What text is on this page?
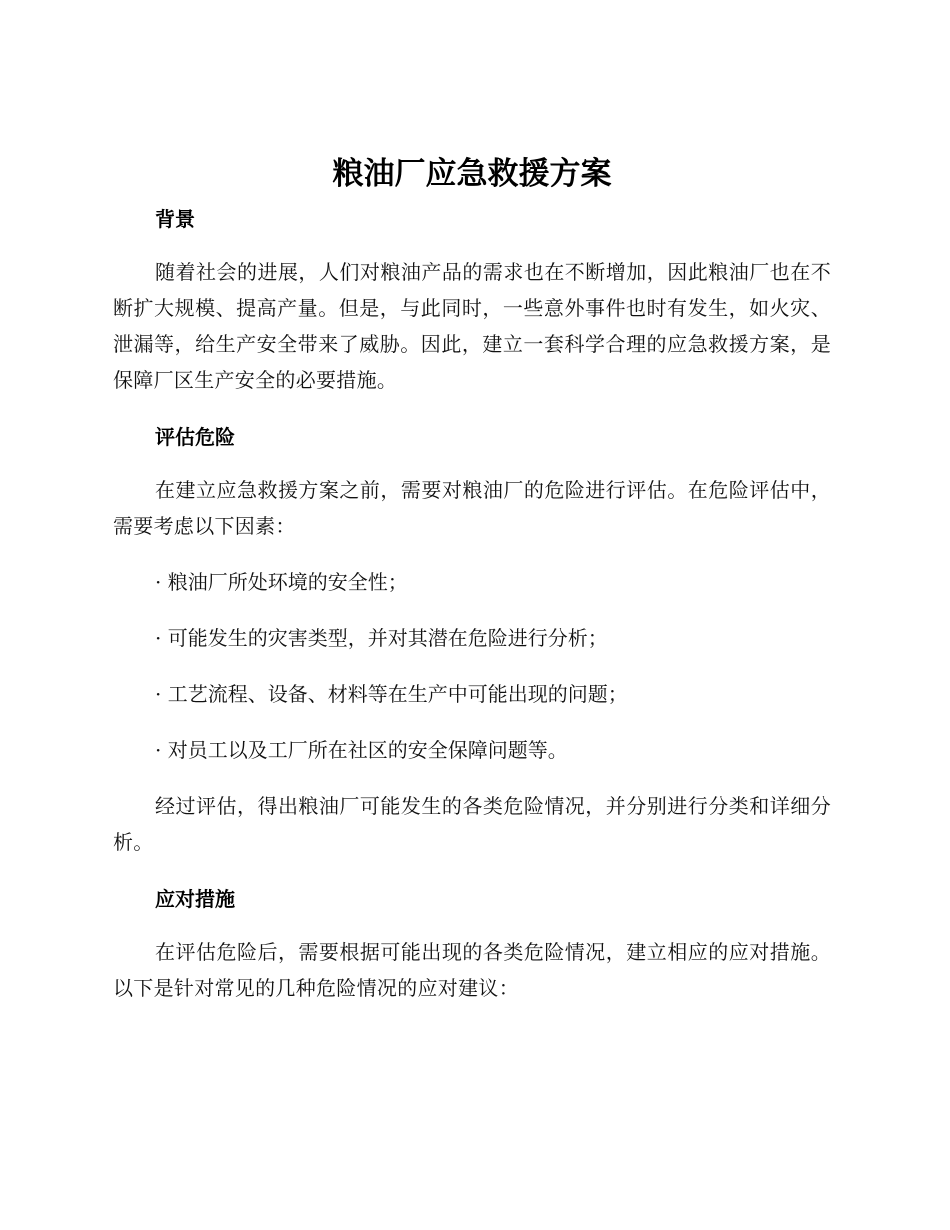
粮油厂应急救援方案
背景

随着社会的进展，人们对粮油产品的需求也在不断增加，因此粮油厂也在不断扩大规模、提高产量。但是，与此同时，一些意外事件也时有发生，如火灾、泄漏等，给生产安全带来了威胁。因此，建立一套科学合理的应急救援方案，是保障厂区生产安全的必要措施。

评估危险

在建立应急救援方案之前，需要对粮油厂的危险进行评估。在危险评估中，需要考虑以下因素：

· 粮油厂所处环境的安全性；

· 可能发生的灾害类型，并对其潜在危险进行分析；

· 工艺流程、设备、材料等在生产中可能出现的问题；

· 对员工以及工厂所在社区的安全保障问题等。

经过评估，得出粮油厂可能发生的各类危险情况，并分别进行分类和详细分析。

应对措施

在评估危险后，需要根据可能出现的各类危险情况，建立相应的应对措施。以下是针对常见的几种危险情况的应对建议：
